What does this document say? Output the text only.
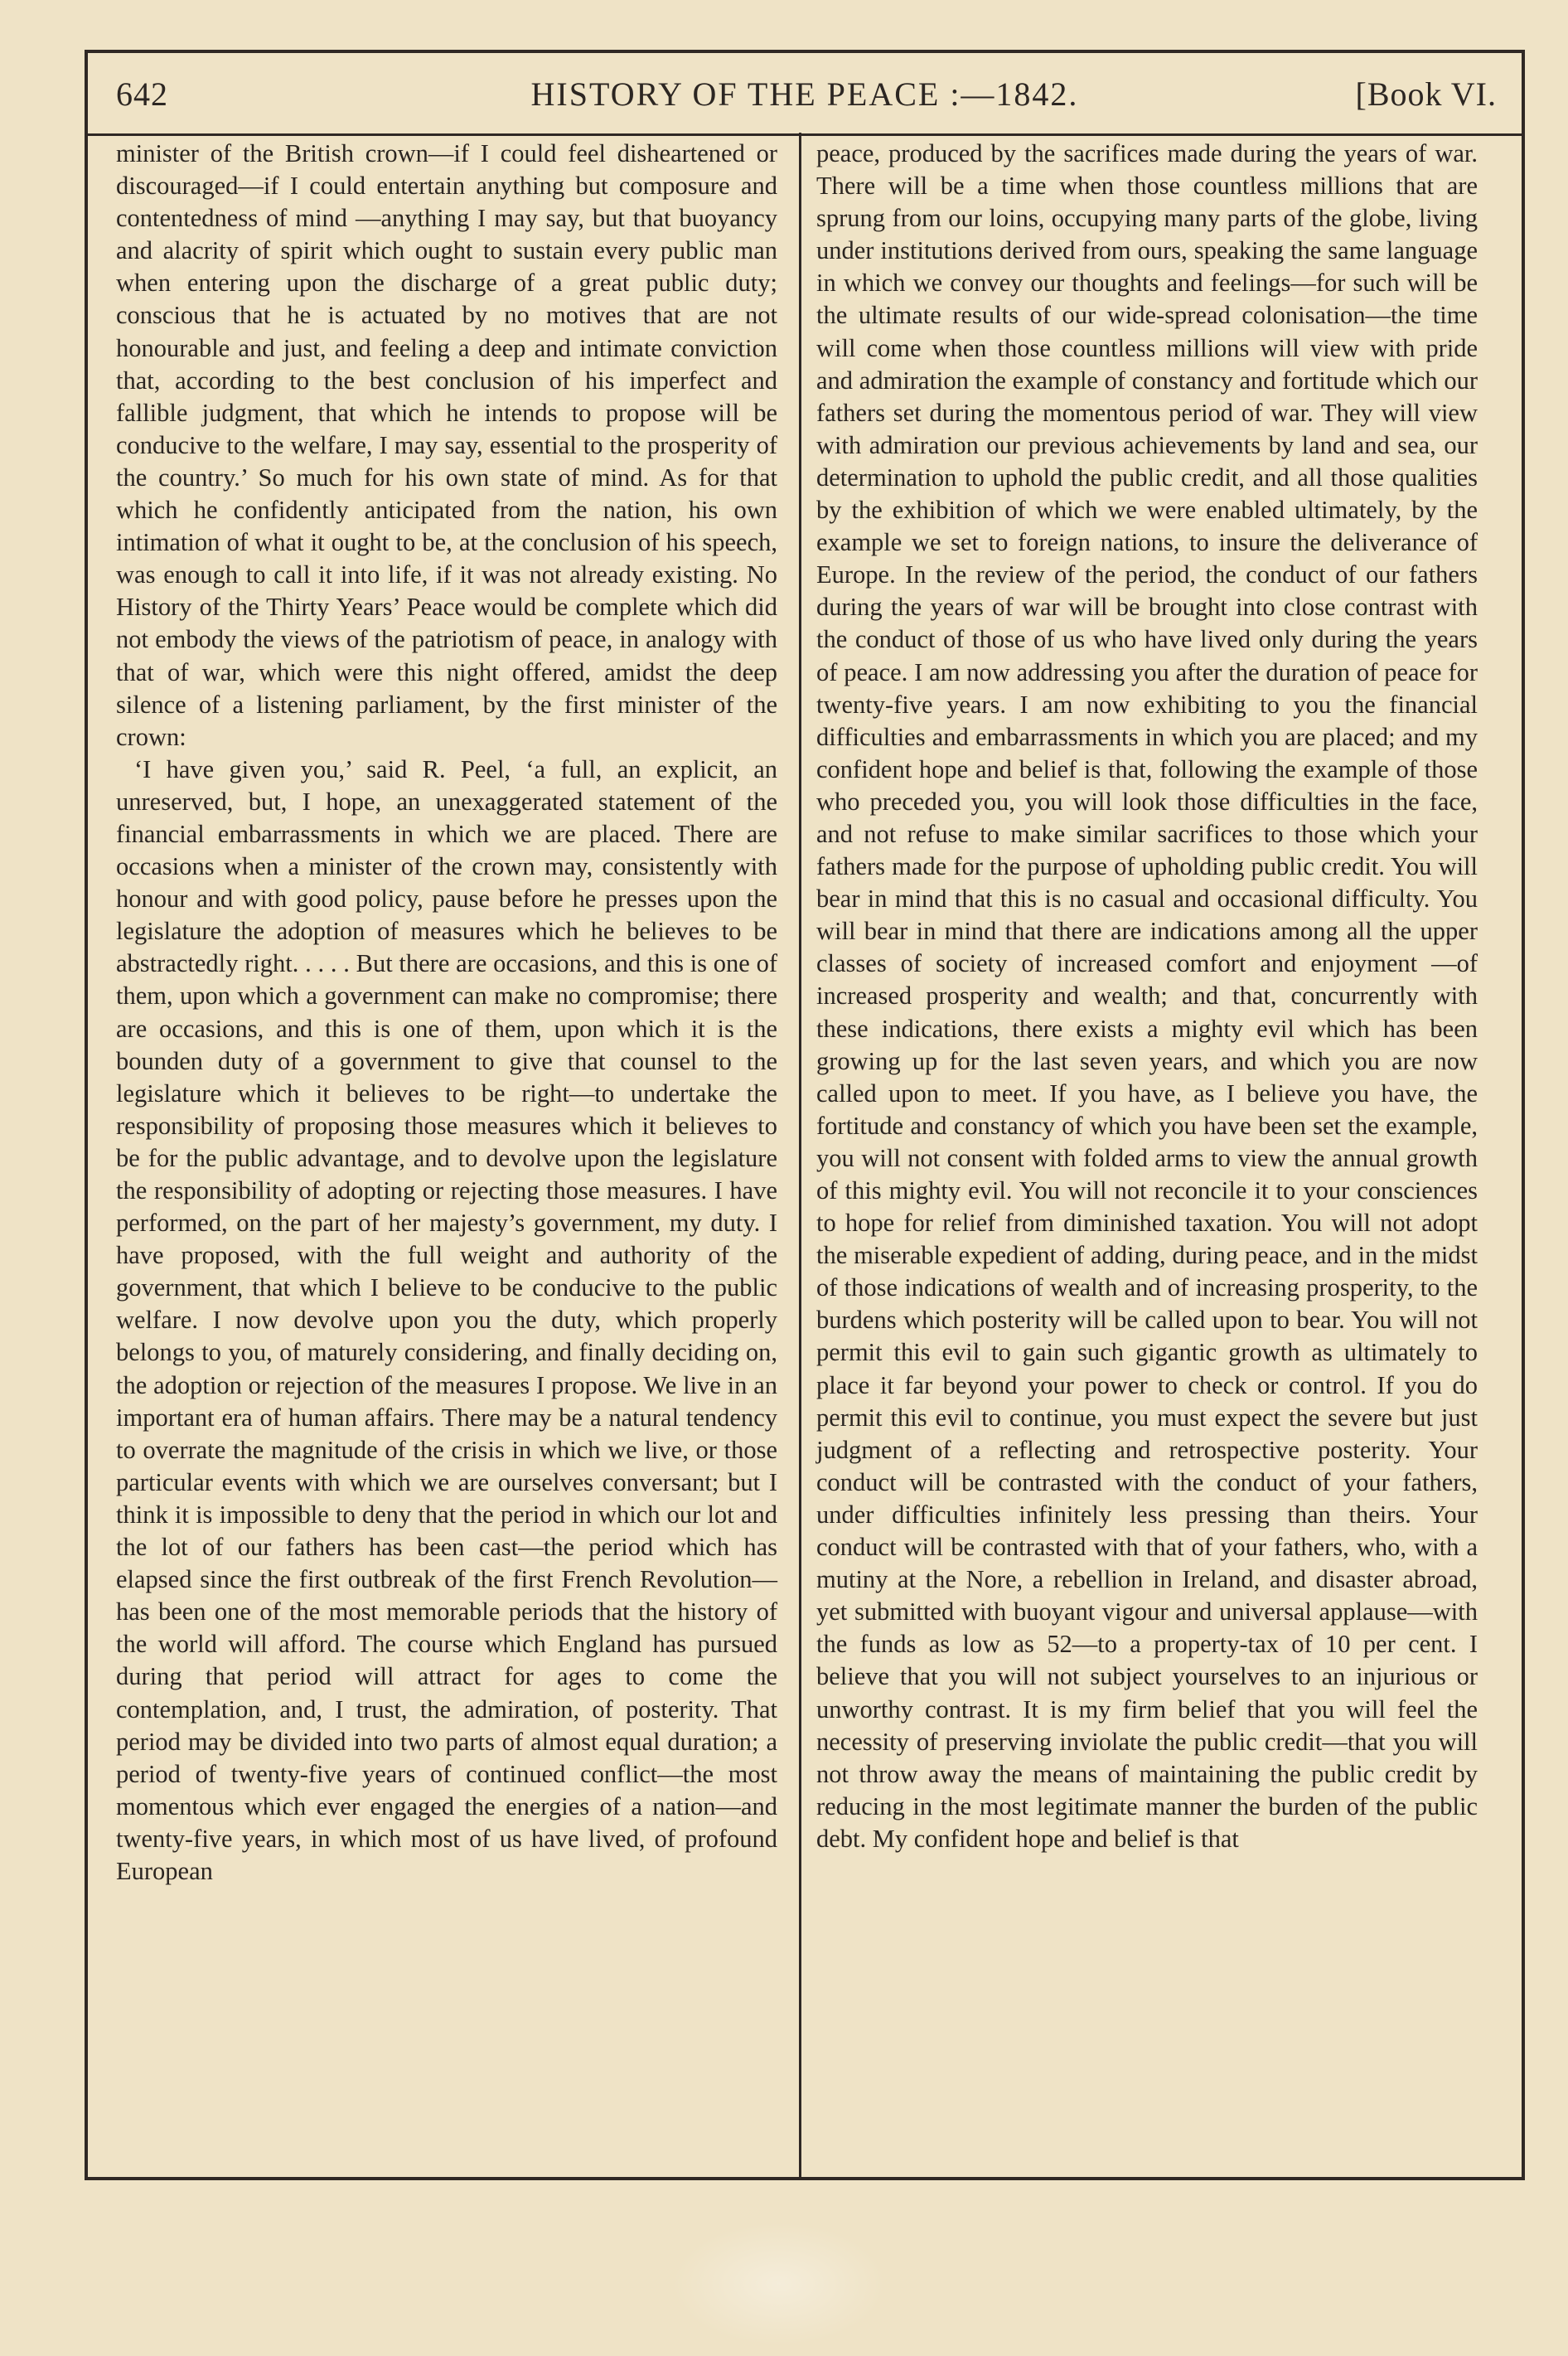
642	HISTORY OF THE PEACE :—1842.	[Book VI.

minister of the British crown—if I could feel disheartened or discouraged—if I could entertain anything but composure and contentedness of mind —anything I may say, but that buoyancy and alacrity of spirit which ought to sustain every public man when entering upon the discharge of a great public duty; conscious that he is actuated by no motives that are not honourable and just, and feeling a deep and intimate conviction that, according to the best conclusion of his imperfect and fallible judgment, that which he intends to propose will be conducive to the welfare, I may say, essential to the prosperity of the country.’ So much for his own state of mind. As for that which he confidently anticipated from the nation, his own intimation of what it ought to be, at the conclusion of his speech, was enough to call it into life, if it was not already existing. No History of the Thirty Years’ Peace would be complete which did not embody the views of the patriotism of peace, in analogy with that of war, which were this night offered, amidst the deep silence of a listening parliament, by the first minister of the crown:

‘I have given you,’ said R. Peel, ‘a full, an explicit, an unreserved, but, I hope, an unexaggerated statement of the financial embarrassments in which we are placed. There are occasions when a minister of the crown may, consistently with honour and with good policy, pause before he presses upon the legislature the adoption of measures which he believes to be abstractedly right. . . . . But there are occasions, and this is one of them, upon which a government can make no compromise; there are occasions, and this is one of them, upon which it is the bounden duty of a government to give that counsel to the legislature which it believes to be right—to undertake the responsibility of proposing those measures which it believes to be for the public advantage, and to devolve upon the legislature the responsibility of adopting or rejecting those measures. I have performed, on the part of her majesty’s government, my duty. I have proposed, with the full weight and authority of the government, that which I believe to be conducive to the public welfare. I now devolve upon you the duty, which properly belongs to you, of maturely considering, and finally deciding on, the adoption or rejection of the measures I propose. We live in an important era of human affairs. There may be a natural tendency to overrate the magnitude of the crisis in which we live, or those particular events with which we are ourselves conversant; but I think it is impossible to deny that the period in which our lot and the lot of our fathers has been cast—the period which has elapsed since the first outbreak of the first French Revolution—has been one of the most memorable periods that the history of the world will afford. The course which England has pursued during that period will attract for ages to come the contemplation, and, I trust, the admiration, of posterity. That period may be divided into two parts of almost equal duration; a period of twenty-five years of continued conflict—the most momentous which ever engaged the energies of a nation—and twenty-five years, in which most of us have lived, of profound European

peace, produced by the sacrifices made during the years of war. There will be a time when those countless millions that are sprung from our loins, occupying many parts of the globe, living under institutions derived from ours, speaking the same language in which we convey our thoughts and feelings—for such will be the ultimate results of our wide-spread colonisation—the time will come when those countless millions will view with pride and admiration the example of constancy and fortitude which our fathers set during the momentous period of war. They will view with admiration our previous achievements by land and sea, our determination to uphold the public credit, and all those qualities by the exhibition of which we were enabled ultimately, by the example we set to foreign nations, to insure the deliverance of Europe. In the review of the period, the conduct of our fathers during the years of war will be brought into close contrast with the conduct of those of us who have lived only during the years of peace. I am now addressing you after the duration of peace for twenty-five years. I am now exhibiting to you the financial difficulties and embarrassments in which you are placed; and my confident hope and belief is that, following the example of those who preceded you, you will look those difficulties in the face, and not refuse to make similar sacrifices to those which your fathers made for the purpose of upholding public credit. You will bear in mind that this is no casual and occasional difficulty. You will bear in mind that there are indications among all the upper classes of society of increased comfort and enjoyment —of increased prosperity and wealth; and that, concurrently with these indications, there exists a mighty evil which has been growing up for the last seven years, and which you are now called upon to meet. If you have, as I believe you have, the fortitude and constancy of which you have been set the example, you will not consent with folded arms to view the annual growth of this mighty evil. You will not reconcile it to your consciences to hope for relief from diminished taxation. You will not adopt the miserable expedient of adding, during peace, and in the midst of those indications of wealth and of increasing prosperity, to the burdens which posterity will be called upon to bear. You will not permit this evil to gain such gigantic growth as ultimately to place it far beyond your power to check or control. If you do permit this evil to continue, you must expect the severe but just judgment of a reflecting and retrospective posterity. Your conduct will be contrasted with the conduct of your fathers, under difficulties infinitely less pressing than theirs. Your conduct will be contrasted with that of your fathers, who, with a mutiny at the Nore, a rebellion in Ireland, and disaster abroad, yet submitted with buoyant vigour and universal applause—with the funds as low as 52—to a property-tax of 10 per cent. I believe that you will not subject yourselves to an injurious or unworthy contrast. It is my firm belief that you will feel the necessity of preserving inviolate the public credit—that you will not throw away the means of maintaining the public credit by reducing in the most legitimate manner the burden of the public debt. My confident hope and belief is that
